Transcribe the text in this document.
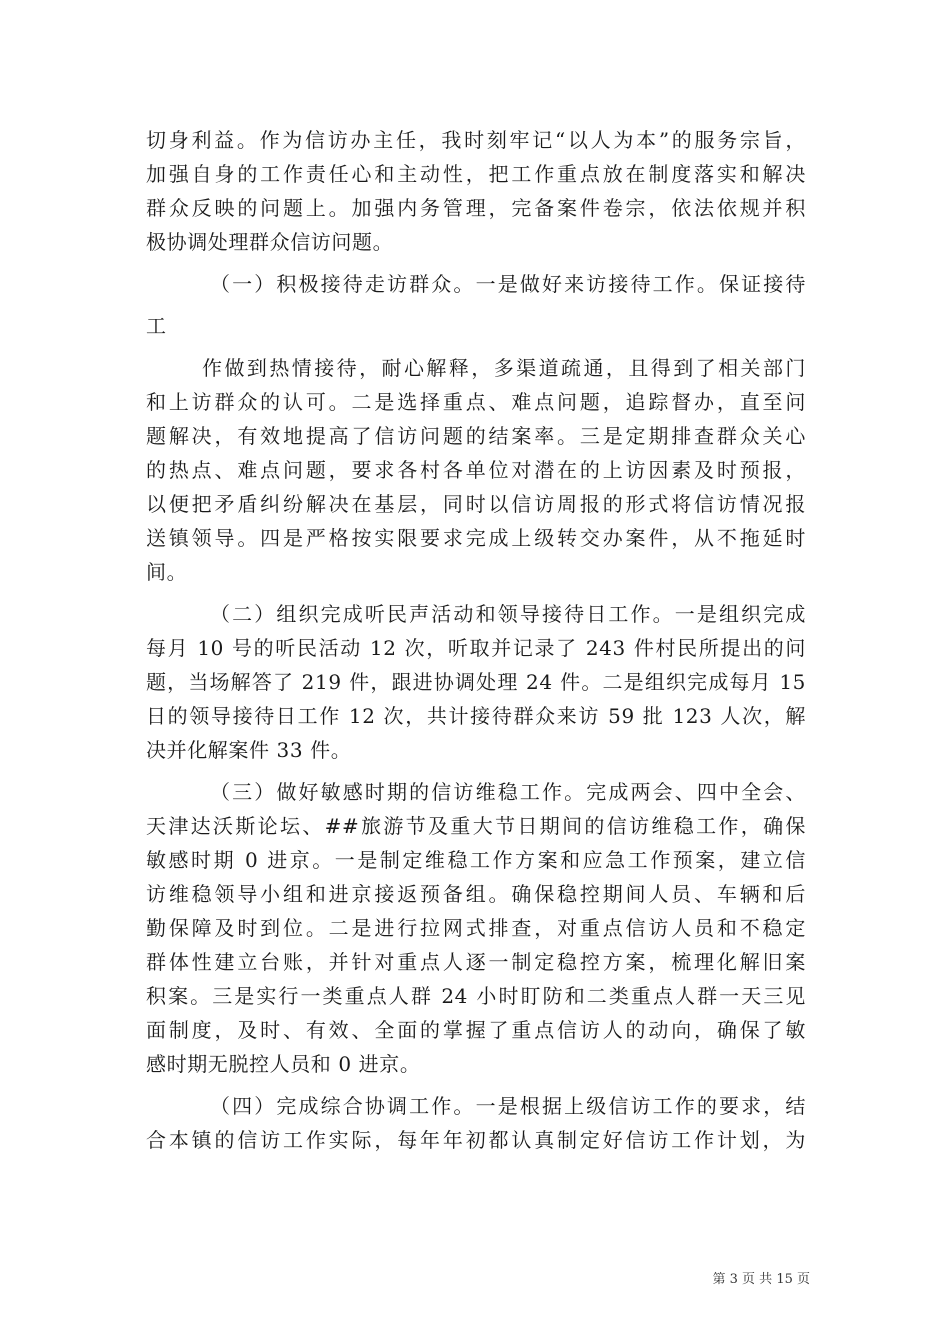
切身利益。作为信访办主任，我时刻牢记“以人为本”的服务宗旨，

加强自身的工作责任心和主动性，把工作重点放在制度落实和解决

群众反映的问题上。加强内务管理，完备案件卷宗，依法依规并积

极协调处理群众信访问题。

（一）积极接待走访群众。一是做好来访接待工作。保证接待

工

作做到热情接待，耐心解释，多渠道疏通，且得到了相关部门

和上访群众的认可。二是选择重点、难点问题，追踪督办，直至问

题解决，有效地提高了信访问题的结案率。三是定期排查群众关心

的热点、难点问题，要求各村各单位对潜在的上访因素及时预报，

以便把矛盾纠纷解决在基层，同时以信访周报的形式将信访情况报

送镇领导。四是严格按实限要求完成上级转交办案件，从不拖延时

间。

（二）组织完成听民声活动和领导接待日工作。一是组织完成

每月 10 号的听民活动 12 次，听取并记录了 243 件村民所提出的问

题，当场解答了 219 件，跟进协调处理 24 件。二是组织完成每月 15

日的领导接待日工作 12 次，共计接待群众来访 59 批 123 人次，解

决并化解案件 33 件。

（三）做好敏感时期的信访维稳工作。完成两会、四中全会、

天津达沃斯论坛、##旅游节及重大节日期间的信访维稳工作，确保

敏感时期 0 进京。一是制定维稳工作方案和应急工作预案，建立信

访维稳领导小组和进京接返预备组。确保稳控期间人员、车辆和后

勤保障及时到位。二是进行拉网式排查，对重点信访人员和不稳定

群体性建立台账，并针对重点人逐一制定稳控方案，梳理化解旧案

积案。三是实行一类重点人群 24 小时盯防和二类重点人群一天三见

面制度，及时、有效、全面的掌握了重点信访人的动向，确保了敏

感时期无脱控人员和 0 进京。

（四）完成综合协调工作。一是根据上级信访工作的要求，结

合本镇的信访工作实际，每年年初都认真制定好信访工作计划，为

第 3 页 共 15 页
